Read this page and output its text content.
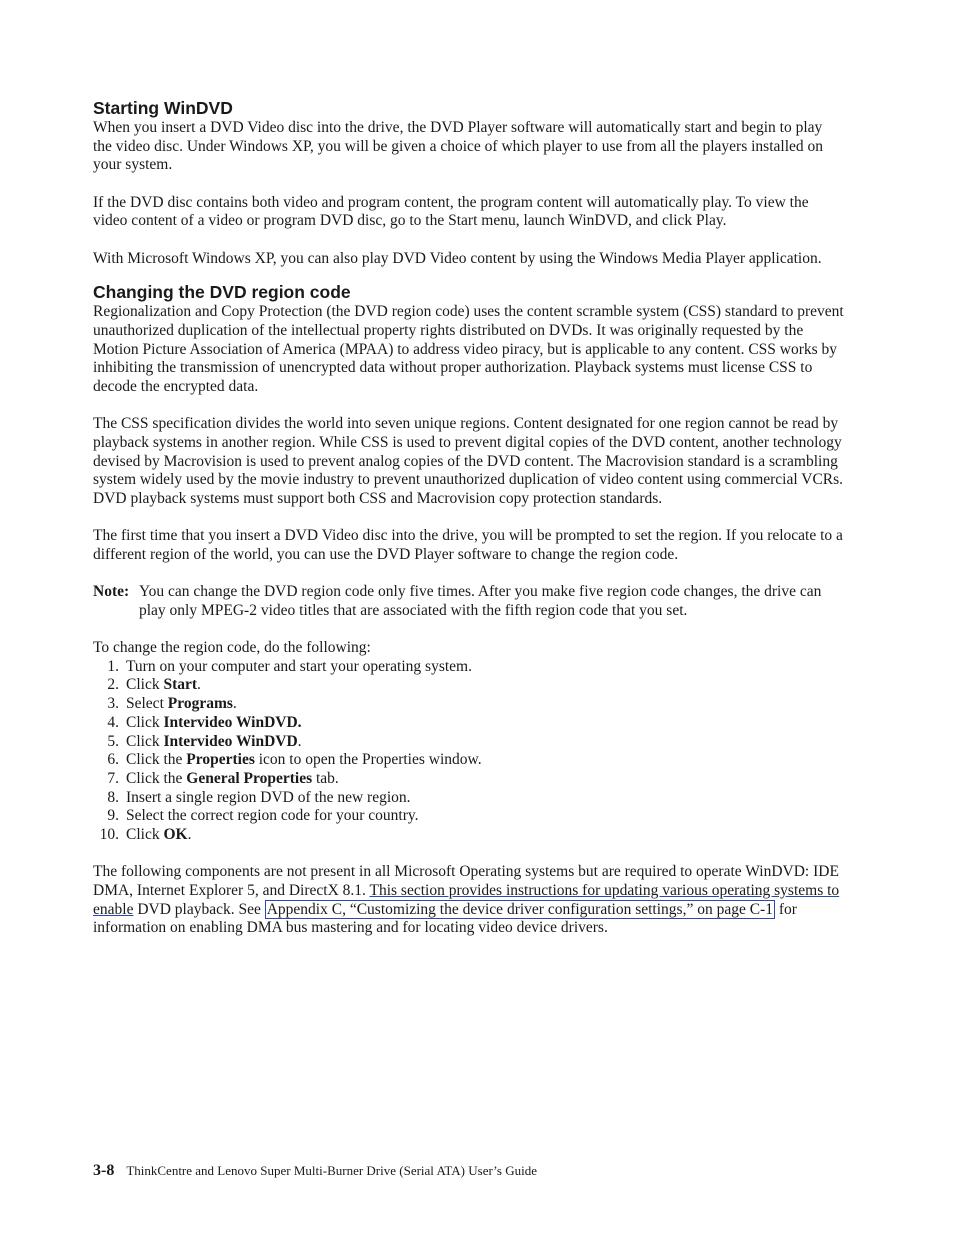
Starting WinDVD

When you insert a DVD Video disc into the drive, the DVD Player software will automatically start and begin to play the video disc. Under Windows XP, you will be given a choice of which player to use from all the players installed on your system.

If the DVD disc contains both video and program content, the program content will automatically play. To view the video content of a video or program DVD disc, go to the Start menu, launch WinDVD, and click Play.

With Microsoft Windows XP, you can also play DVD Video content by using the Windows Media Player application.

Changing the DVD region code

Regionalization and Copy Protection (the DVD region code) uses the content scramble system (CSS) standard to prevent unauthorized duplication of the intellectual property rights distributed on DVDs. It was originally requested by the Motion Picture Association of America (MPAA) to address video piracy, but is applicable to any content. CSS works by inhibiting the transmission of unencrypted data without proper authorization. Playback systems must license CSS to decode the encrypted data.

The CSS specification divides the world into seven unique regions. Content designated for one region cannot be read by playback systems in another region. While CSS is used to prevent digital copies of the DVD content, another technology devised by Macrovision is used to prevent analog copies of the DVD content. The Macrovision standard is a scrambling system widely used by the movie industry to prevent unauthorized duplication of video content using commercial VCRs. DVD playback systems must support both CSS and Macrovision copy protection standards.

The first time that you insert a DVD Video disc into the drive, you will be prompted to set the region. If you relocate to a different region of the world, you can use the DVD Player software to change the region code.

Note: You can change the DVD region code only five times. After you make five region code changes, the drive can play only MPEG-2 video titles that are associated with the fifth region code that you set.

To change the region code, do the following:

1. Turn on your computer and start your operating system.
2. Click Start.
3. Select Programs.
4. Click Intervideo WinDVD.
5. Click Intervideo WinDVD.
6. Click the Properties icon to open the Properties window.
7. Click the General Properties tab.
8. Insert a single region DVD of the new region.
9. Select the correct region code for your country.
10. Click OK.

The following components are not present in all Microsoft Operating systems but are required to operate WinDVD: IDE DMA, Internet Explorer 5, and DirectX 8.1. This section provides instructions for updating various operating systems to enable DVD playback. See Appendix C, “Customizing the device driver configuration settings,” on page C-1 for information on enabling DMA bus mastering and for locating video device drivers.

3-8 ThinkCentre and Lenovo Super Multi-Burner Drive (Serial ATA) User’s Guide
